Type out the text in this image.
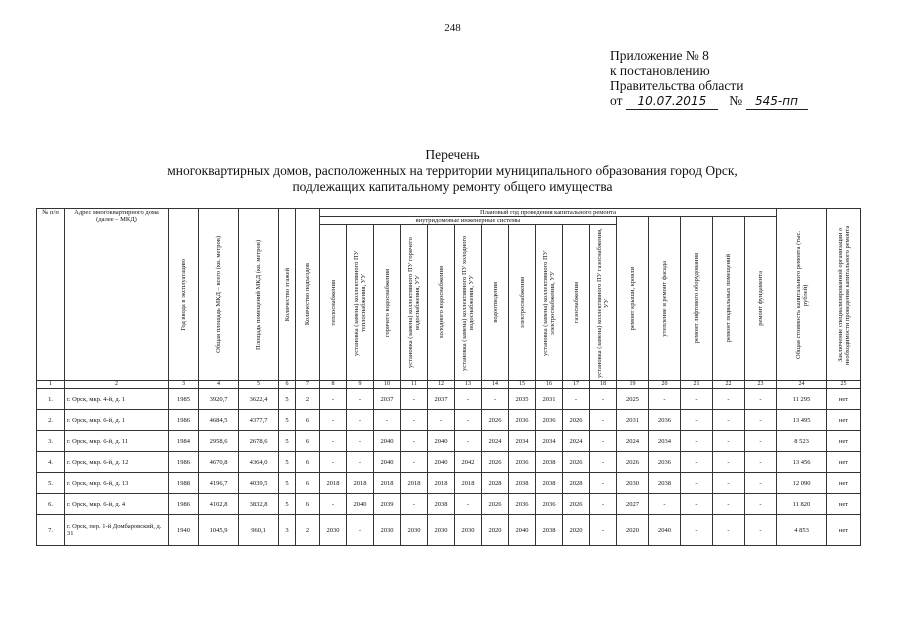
248
Приложение № 8
к постановлению
Правительства области
от 10.07.2015 № 545-пп
Перечень
многоквартирных домов, расположенных на территории муниципального образования город Орск,
подлежащих капитальному ремонту общего имущества
№ п/п	Адрес многоквартирного дома (далее – МКД)	Год ввода в эксплуатацию	Общая площадь МКД – всего (кв. метров)	Площадь помещений МКД (кв. метров)	Количество этажей	Количество подъездов	Плановый год проведения капитального ремонта																Общая стоимость капитального ремонта (тыс. рублей)	Заключение специализированной организации о необходимости проведения капитального ремонта

							внутридомовые инженерные системы											ремонт крыши, кровли	утепление и ремонт фасада	ремонт лифтового оборудования	ремонт подвальных помещений	ремонт фундамента		

							теплоснабжения	установка (замена) коллективного ПУ теплоснабжения, УУ	горячего водоснабжения	установка (замена) коллективного ПУ горячего водоснабжения, УУ	холодного водоснабжения	установка (замена) коллективного ПУ холодного водоснабжения, УУ	водоотведения	электроснабжения	установка (замена) коллективного ПУ электроснабжения, УУ	газоснабжения	установка (замена) коллективного ПУ газоснабжения, УУ							

1	2	3	4	5	6	7	8	9	10	11	12	13	14	15	16	17	18	19	20	21	22	23	24	25
1.	г. Орск, мкр. 4-й, д. 1	1985	3920,7	3622,4	5	2	-	-	2037	-	2037	-	-	2035	2031	-	-	2025	-	-	-	-	11 295	нет
2.	г. Орск, мкр. 6-й, д. 1	1986	4684,5	4377,7	5	6	-	-	-	-	-	-	2026	2036	2036	2026	-	2031	2036	-	-	-	13 495	нет
3.	г. Орск, мкр. 6-й, д. 11	1984	2958,6	2678,6	5	6	-	-	2040	-	2040	-	2024	2034	2034	2024	-	2024	2034	-	-	-	8 523	нет
4.	г. Орск, мкр. 6-й, д. 12	1986	4670,8	4364,0	5	6	-	-	2040	-	2040	2042	2026	2036	2038	2026	-	2026	2036	-	-	-	13 456	нет
5.	г. Орск, мкр. 6-й, д. 13	1988	4196,7	4039,5	5	6	2018	2018	2018	2018	2018	2018	2028	2038	2038	2028	-	2030	2038	-	-	-	12 090	нет
6.	г. Орск, мкр. 6-й, д. 4	1986	4102,8	3832,8	5	6	-	2040	2039	-	2038	-	2026	2036	2036	2026	-	2027	-	-	-	-	11 820	нет
7.	г. Орск, пер. 1-й Домбаровский, д. 31	1940	1045,9	960,1	3	2	2030	-	2030	2030	2030	2030	2020	2040	2038	2020	-	2020	2040	-	-	-	4 853	нет
